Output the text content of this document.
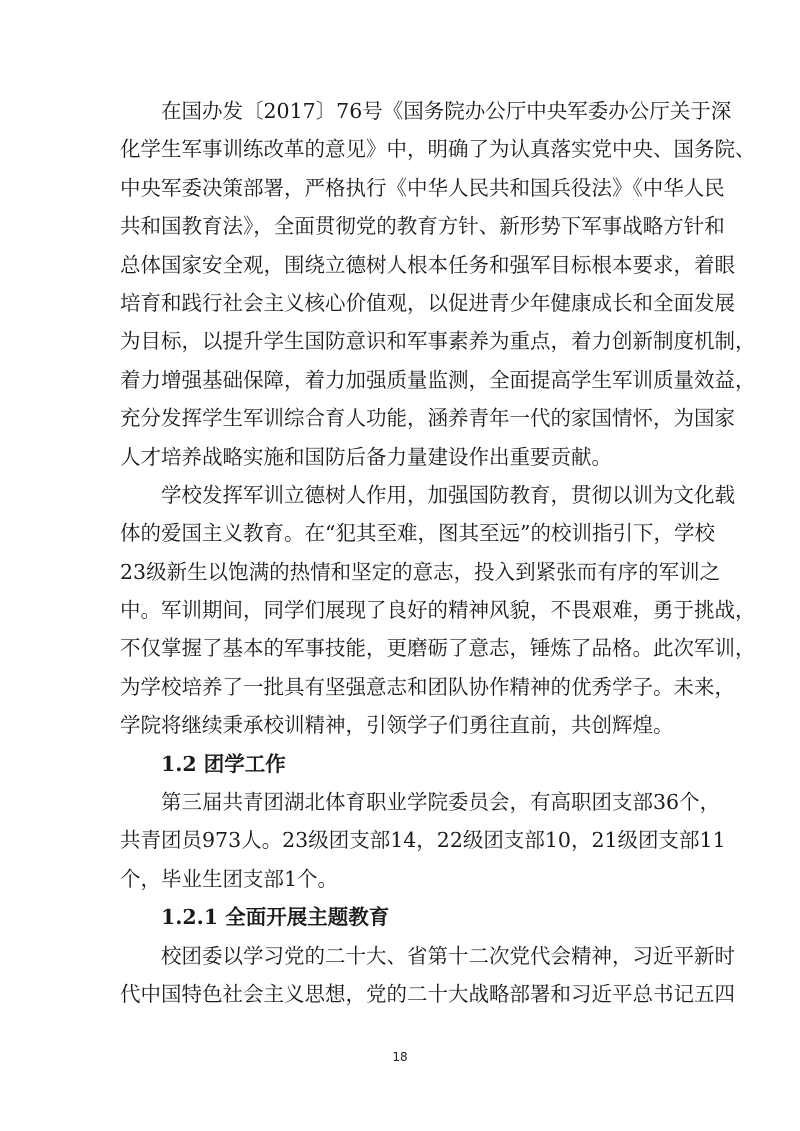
在国办发〔2017〕76号《国务院办公厅中央军委办公厅关于深
化学生军事训练改革的意见》中，明确了为认真落实党中央、国务院、
中央军委决策部署，严格执行《中华人民共和国兵役法》《中华人民
共和国教育法》，全面贯彻党的教育方针、新形势下军事战略方针和
总体国家安全观，围绕立德树人根本任务和强军目标根本要求，着眼
培育和践行社会主义核心价值观，以促进青少年健康成长和全面发展
为目标，以提升学生国防意识和军事素养为重点，着力创新制度机制，
着力增强基础保障，着力加强质量监测，全面提高学生军训质量效益，
充分发挥学生军训综合育人功能，涵养青年一代的家国情怀，为国家
人才培养战略实施和国防后备力量建设作出重要贡献。
学校发挥军训立德树人作用，加强国防教育，贯彻以训为文化载
体的爱国主义教育。在“犯其至难，图其至远”的校训指引下，学校
23级新生以饱满的热情和坚定的意志，投入到紧张而有序的军训之
中。军训期间，同学们展现了良好的精神风貌，不畏艰难，勇于挑战，
不仅掌握了基本的军事技能，更磨砺了意志，锤炼了品格。此次军训，
为学校培养了一批具有坚强意志和团队协作精神的优秀学子。未来，
学院将继续秉承校训精神，引领学子们勇往直前，共创辉煌。
1.2 团学工作
第三届共青团湖北体育职业学院委员会，有高职团支部36个，
共青团员973人。23级团支部14，22级团支部10，21级团支部11
个，毕业生团支部1个。
1.2.1 全面开展主题教育
校团委以学习党的二十大、省第十二次党代会精神，习近平新时
代中国特色社会主义思想，党的二十大战略部署和习近平总书记五四
18
